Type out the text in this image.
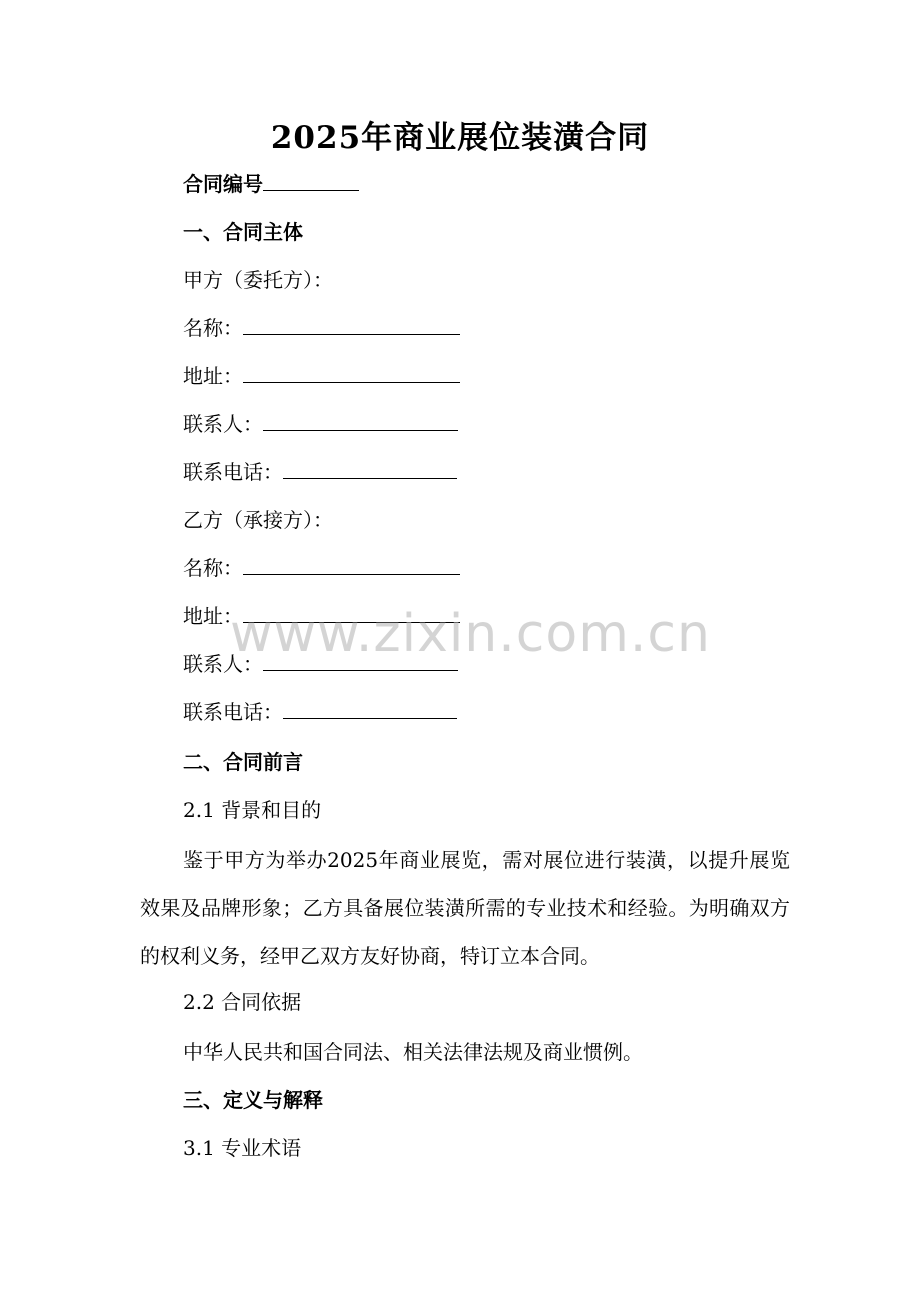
2025年商业展位装潢合同
合同编号
一、合同主体
甲方（委托方）：
名称：
地址：
联系人：
联系电话：
乙方（承接方）：
名称：
地址：
联系人：
联系电话：
二、合同前言
2.1 背景和目的
鉴于甲方为举办2025年商业展览，需对展位进行装潢，以提升展览效果及品牌形象；乙方具备展位装潢所需的专业技术和经验。为明确双方的权利义务，经甲乙双方友好协商，特订立本合同。
2.2 合同依据
中华人民共和国合同法、相关法律法规及商业惯例。
三、定义与解释
3.1 专业术语
www.zixin.com.cn
